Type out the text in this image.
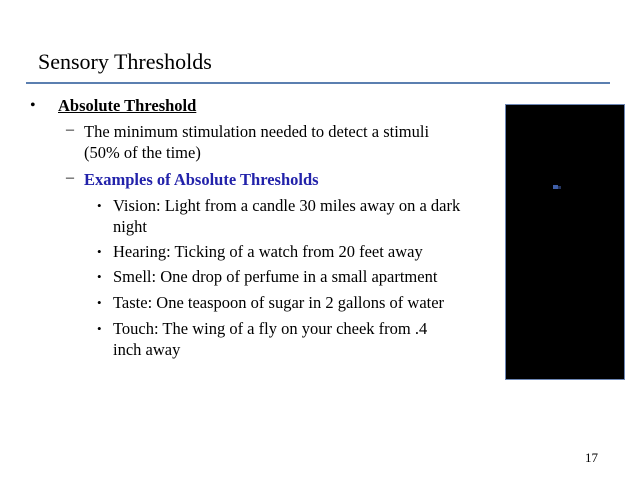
Sensory Thresholds
• Absolute Threshold
– The minimum stimulation needed to detect a stimuli
(50% of the time)
– Examples of Absolute Thresholds
• Vision: Light from a candle 30 miles away on a dark
night
• Hearing: Ticking of a watch from 20 feet away
• Smell: One drop of perfume in a small apartment
• Taste: One teaspoon of sugar in 2 gallons of water
• Touch: The wing of a fly on your cheek from .4
inch away
17
